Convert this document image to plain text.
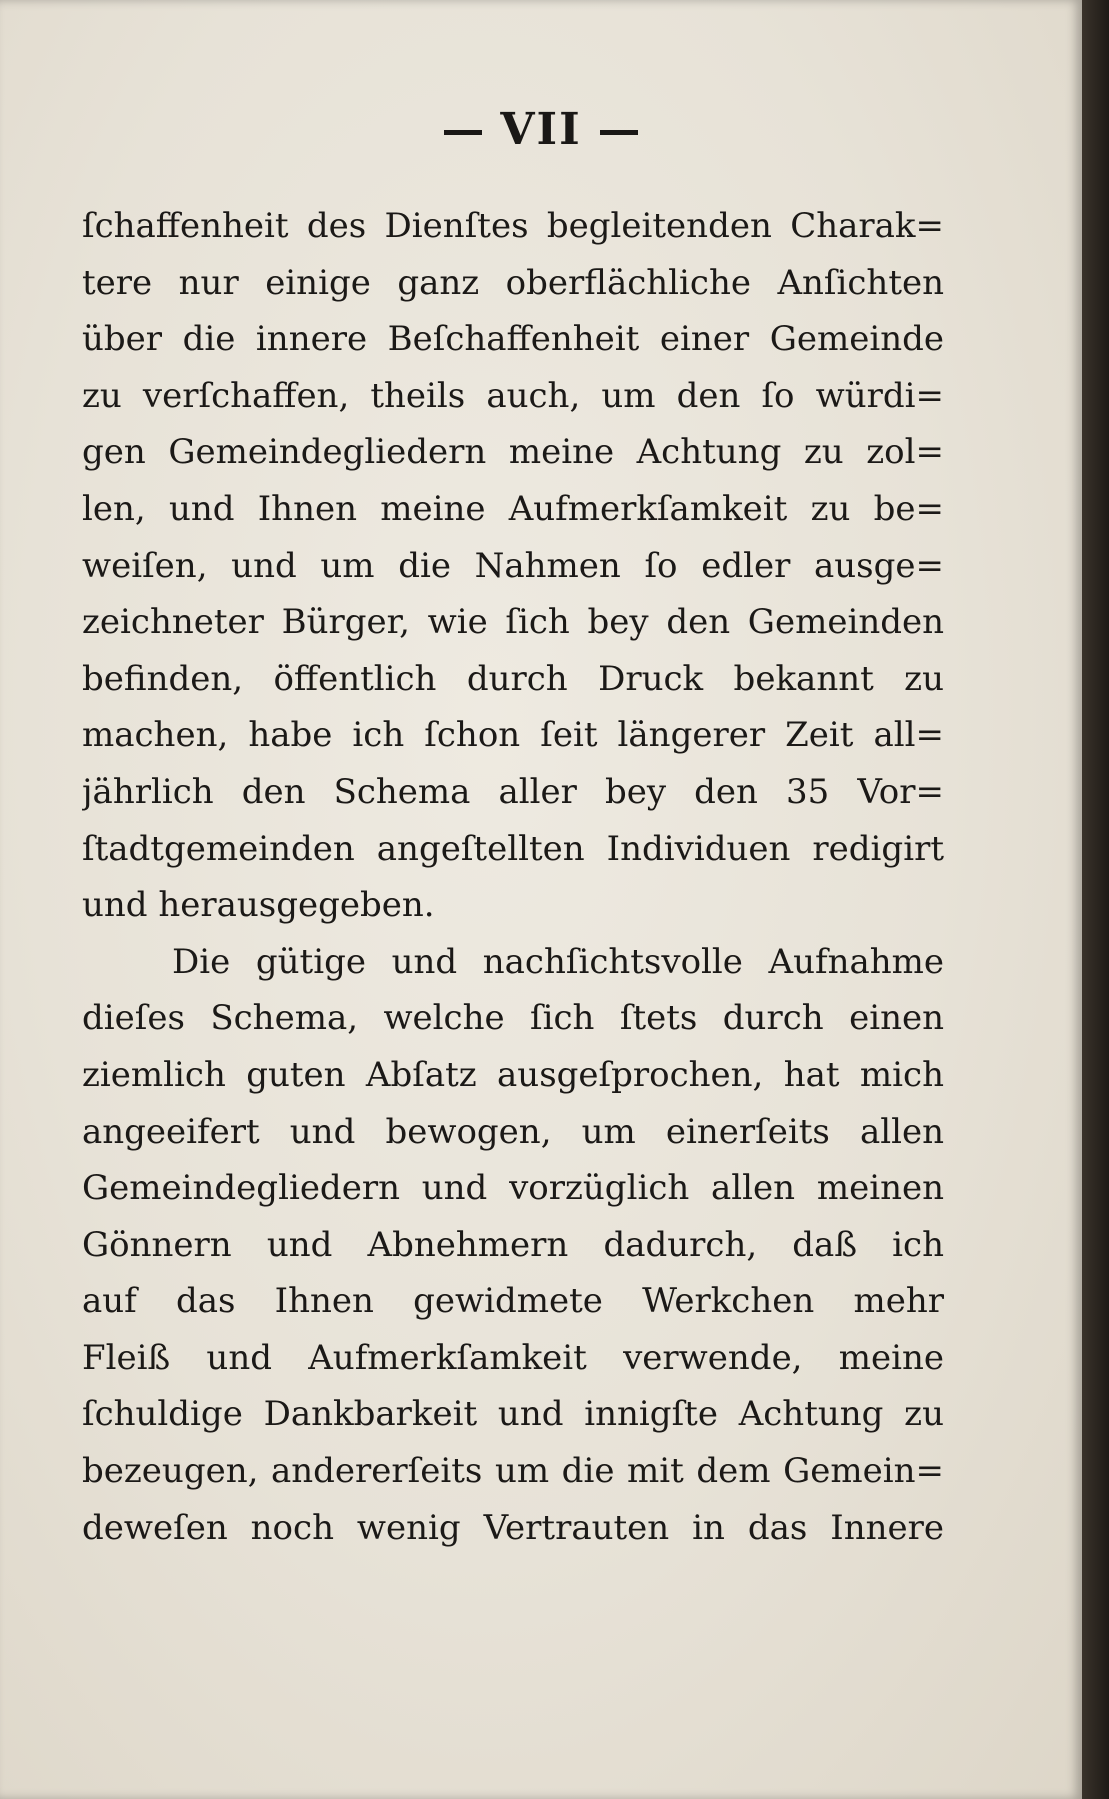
VII
ſchaffenheit des Dienſtes begleitenden Charak=
tere nur einige ganz oberflächliche Anſichten
über die innere Beſchaffenheit einer Gemeinde
zu verſchaffen, theils auch, um den ſo würdi=
gen Gemeindegliedern meine Achtung zu zol=
len, und Ihnen meine Aufmerkſamkeit zu be=
weiſen, und um die Nahmen ſo edler ausge=
zeichneter Bürger, wie ſich bey den Gemeinden
befinden, öffentlich durch Druck bekannt zu
machen, habe ich ſchon ſeit längerer Zeit all=
jährlich den Schema aller bey den 35 Vor=
ſtadtgemeinden angeſtellten Individuen redigirt
und herausgegeben.
Die gütige und nachſichtsvolle Aufnahme
dieſes Schema, welche ſich ſtets durch einen
ziemlich guten Abſatz ausgeſprochen, hat mich
angeeifert und bewogen, um einerſeits allen
Gemeindegliedern und vorzüglich allen meinen
Gönnern und Abnehmern dadurch, daß ich
auf das Ihnen gewidmete Werkchen mehr
Fleiß und Aufmerkſamkeit verwende, meine
ſchuldige Dankbarkeit und innigſte Achtung zu
bezeugen, andererſeits um die mit dem Gemein=
deweſen noch wenig Vertrauten in das Innere
